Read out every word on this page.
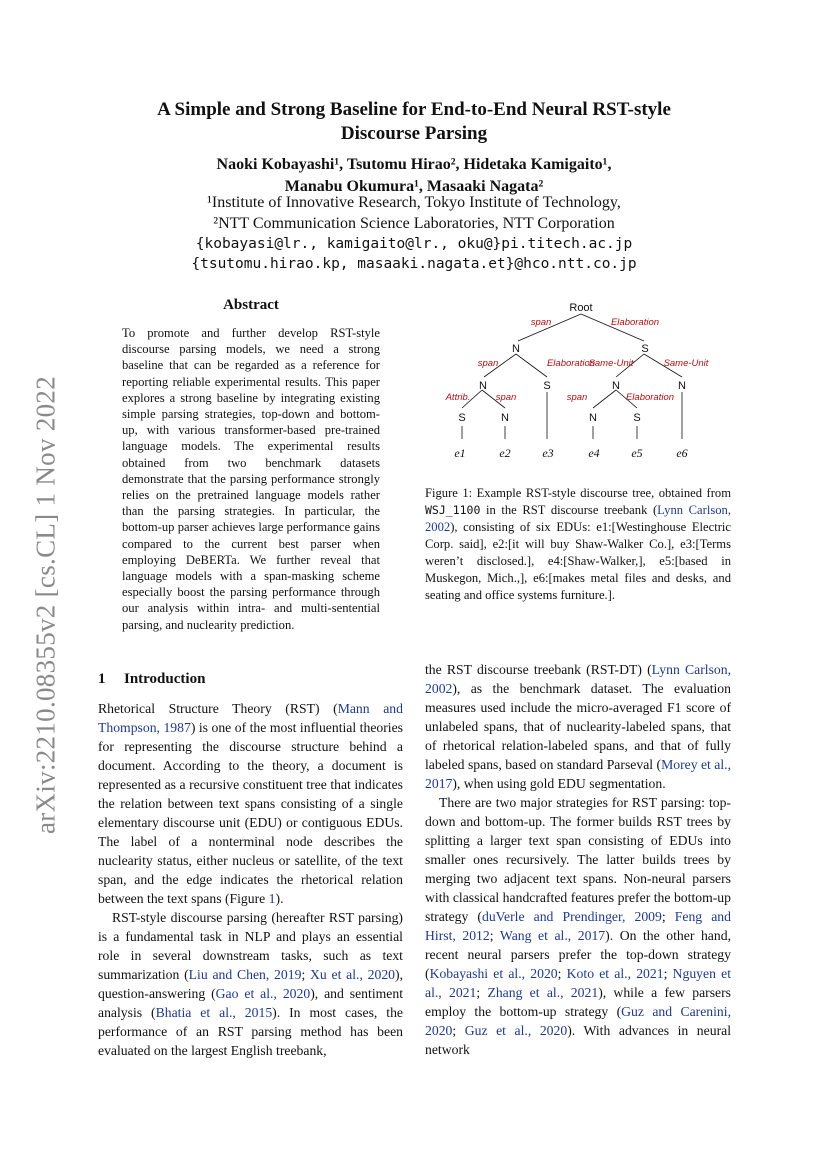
arXiv:2210.08355v2 [cs.CL] 1 Nov 2022
A Simple and Strong Baseline for End-to-End Neural RST-style
Discourse Parsing
Naoki Kobayashi¹, Tsutomu Hirao², Hidetaka Kamigaito¹,
Manabu Okumura¹, Masaaki Nagata²
¹Institute of Innovative Research, Tokyo Institute of Technology,
²NTT Communication Science Laboratories, NTT Corporation
{kobayasi@lr., kamigaito@lr., oku@}pi.titech.ac.jp
{tsutomu.hirao.kp, masaaki.nagata.et}@hco.ntt.co.jp
Abstract

To promote and further develop RST-style discourse parsing models, we need a strong baseline that can be regarded as a reference for reporting reliable experimental results. This paper explores a strong baseline by integrating existing simple parsing strategies, top-down and bottom-up, with various transformer-based pre-trained language models. The experimental results obtained from two benchmark datasets demonstrate that the parsing performance strongly relies on the pretrained language models rather than the parsing strategies. In particular, the bottom-up parser achieves large performance gains compared to the current best parser when employing DeBERTa. We further reveal that language models with a span-masking scheme especially boost the parsing performance through our analysis within intra- and multi-sentential parsing, and nuclearity prediction.

Root
span	Elaboration
N	S
span	Elaboration
Same-Unit	Same-Unit
N	S	N	N
Attrib.	span	span	Elaboration
S	N	N	S
e1	e2	e3	e4	e5	e6
Figure 1: Example RST-style discourse tree, obtained from WSJ_1100 in the RST discourse treebank (Lynn Carlson, 2002), consisting of six EDUs: e1:[Westinghouse Electric Corp. said], e2:[it will buy Shaw-Walker Co.], e3:[Terms weren’t disclosed.], e4:[Shaw-Walker,], e5:[based in Muskegon, Mich.,], e6:[makes metal files and desks, and seating and office systems furniture.].
1 Introduction

Rhetorical Structure Theory (RST) (Mann and Thompson, 1987) is one of the most influential theories for representing the discourse structure behind a document. According to the theory, a document is represented as a recursive constituent tree that indicates the relation between text spans consisting of a single elementary discourse unit (EDU) or contiguous EDUs. The label of a nonterminal node describes the nuclearity status, either nucleus or satellite, of the text span, and the edge indicates the rhetorical relation between the text spans (Figure 1).

RST-style discourse parsing (hereafter RST parsing) is a fundamental task in NLP and plays an essential role in several downstream tasks, such as text summarization (Liu and Chen, 2019; Xu et al., 2020), question-answering (Gao et al., 2020), and sentiment analysis (Bhatia et al., 2015). In most cases, the performance of an RST parsing method has been evaluated on the largest English treebank,

the RST discourse treebank (RST-DT) (Lynn Carlson, 2002), as the benchmark dataset. The evaluation measures used include the micro-averaged F1 score of unlabeled spans, that of nuclearity-labeled spans, that of rhetorical relation-labeled spans, and that of fully labeled spans, based on standard Parseval (Morey et al., 2017), when using gold EDU segmentation.

There are two major strategies for RST parsing: top-down and bottom-up. The former builds RST trees by splitting a larger text span consisting of EDUs into smaller ones recursively. The latter builds trees by merging two adjacent text spans. Non-neural parsers with classical handcrafted features prefer the bottom-up strategy (duVerle and Prendinger, 2009; Feng and Hirst, 2012; Wang et al., 2017). On the other hand, recent neural parsers prefer the top-down strategy (Kobayashi et al., 2020; Koto et al., 2021; Nguyen et al., 2021; Zhang et al., 2021), while a few parsers employ the bottom-up strategy (Guz and Carenini, 2020; Guz et al., 2020). With advances in neural network
